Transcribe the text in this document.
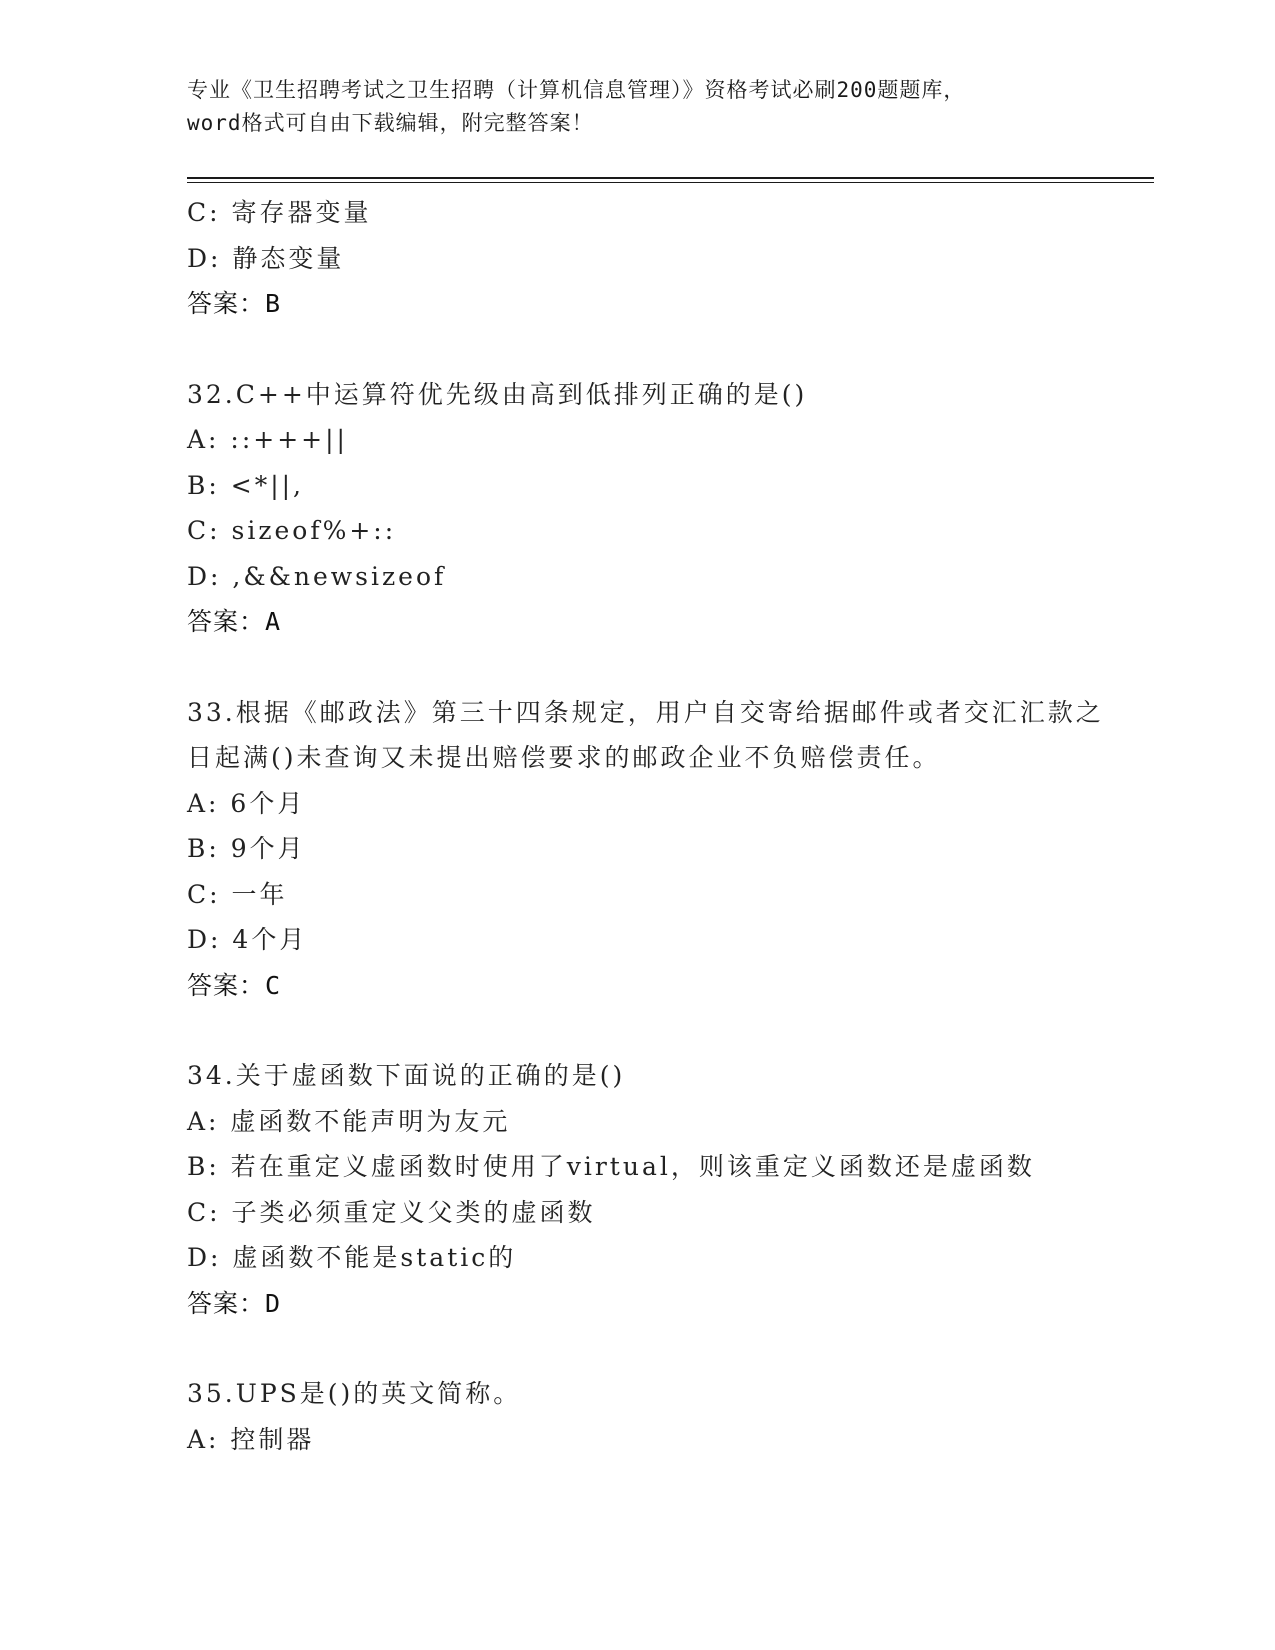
专业《卫生招聘考试之卫生招聘（计算机信息管理）》资格考试必刷200题题库，
word格式可自由下载编辑，附完整答案！
C: 寄存器变量
D: 静态变量
答案：B
32.C++中运算符优先级由高到低排列正确的是()
A: ::+++||
B: <*||,
C: sizeof%+::
D: ,&&newsizeof
答案：A
33.根据《邮政法》第三十四条规定，用户自交寄给据邮件或者交汇汇款之日起满()未查询又未提出赔偿要求的邮政企业不负赔偿责任。
A: 6个月
B: 9个月
C: 一年
D: 4个月
答案：C
34.关于虚函数下面说的正确的是()
A: 虚函数不能声明为友元
B: 若在重定义虚函数时使用了virtual，则该重定义函数还是虚函数
C: 子类必须重定义父类的虚函数
D: 虚函数不能是static的
答案：D
35.UPS是()的英文简称。
A: 控制器
